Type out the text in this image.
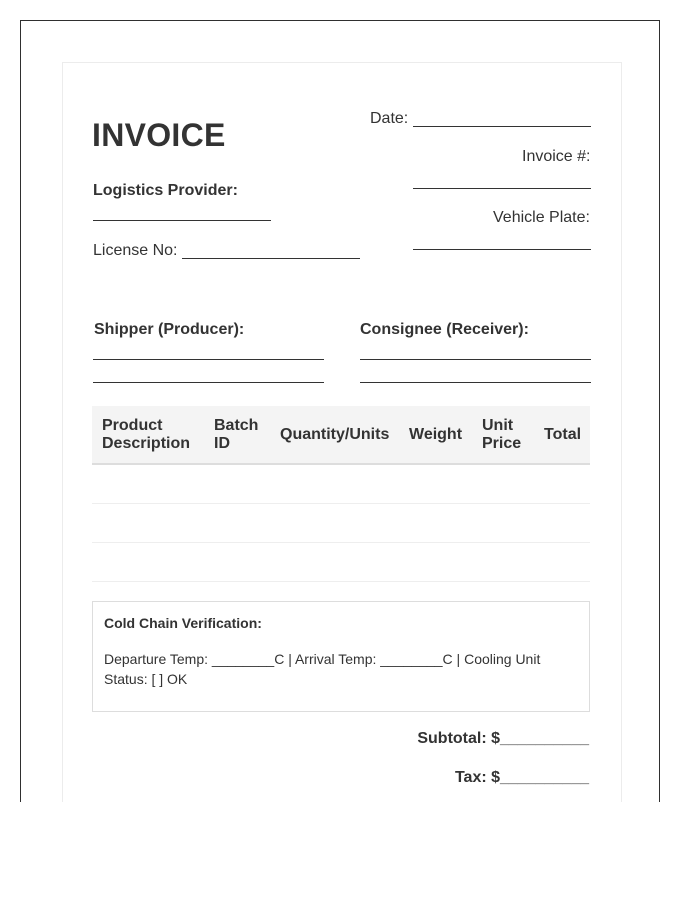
INVOICE	Date:
Invoice #:
Vehicle Plate:
Logistics Provider:
License No:
Shipper (Producer):	Consignee (Receiver):
Product Description	Batch ID	Quantity/Units	Weight	Unit Price	Total

Cold Chain Verification:
Departure Temp: ________C | Arrival Temp: ________C | Cooling Unit Status: [ ] OK
Subtotal: $__________
Tax: $__________
